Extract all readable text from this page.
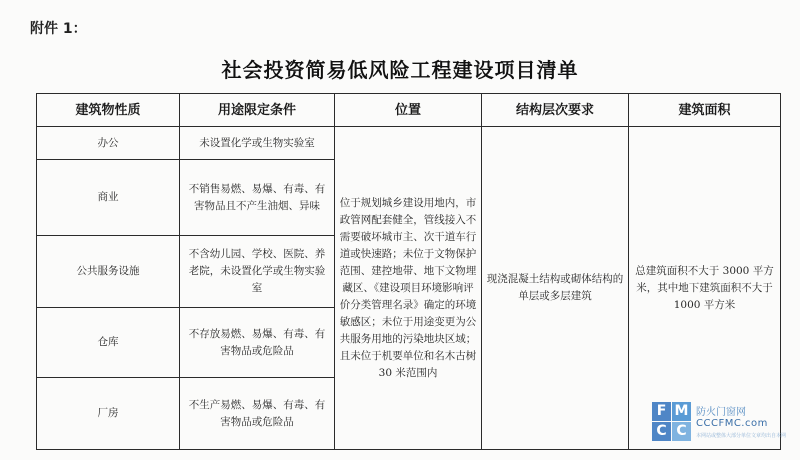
附件 1：
社会投资简易低风险工程建设项目清单
建筑物性质	用途限定条件	位置	结构层次要求	建筑面积
办公	未设置化学或生物实验室	位于规划城乡建设用地内，市政管网配套健全，管线接入不需要破坏城市主、次干道车行道或快速路；未位于文物保护范围、建控地带、地下文物埋藏区、《建设项目环境影响评价分类管理名录》确定的环境敏感区；未位于用途变更为公共服务用地的污染地块区域；且未位于机要单位和名木古树 30 米范围内	现浇混凝土结构或砌体结构的单层或多层建筑	总建筑面积不大于 3000 平方米，其中地下建筑面积不大于 1000 平方米
商业	不销售易燃、易爆、有毒、有害物品且不产生油烟、异味			
公共服务设施	不含幼儿园、学校、医院、养老院，未设置化学或生物实验室			
仓库	不存放易燃、易爆、有毒、有害物品或危险品			
厂房	不生产易燃、易爆、有毒、有害物品或危险品			
F M
C C
防火门窗网
CCCFMC.com
本网站或整体大部分单位文章均出自本网
